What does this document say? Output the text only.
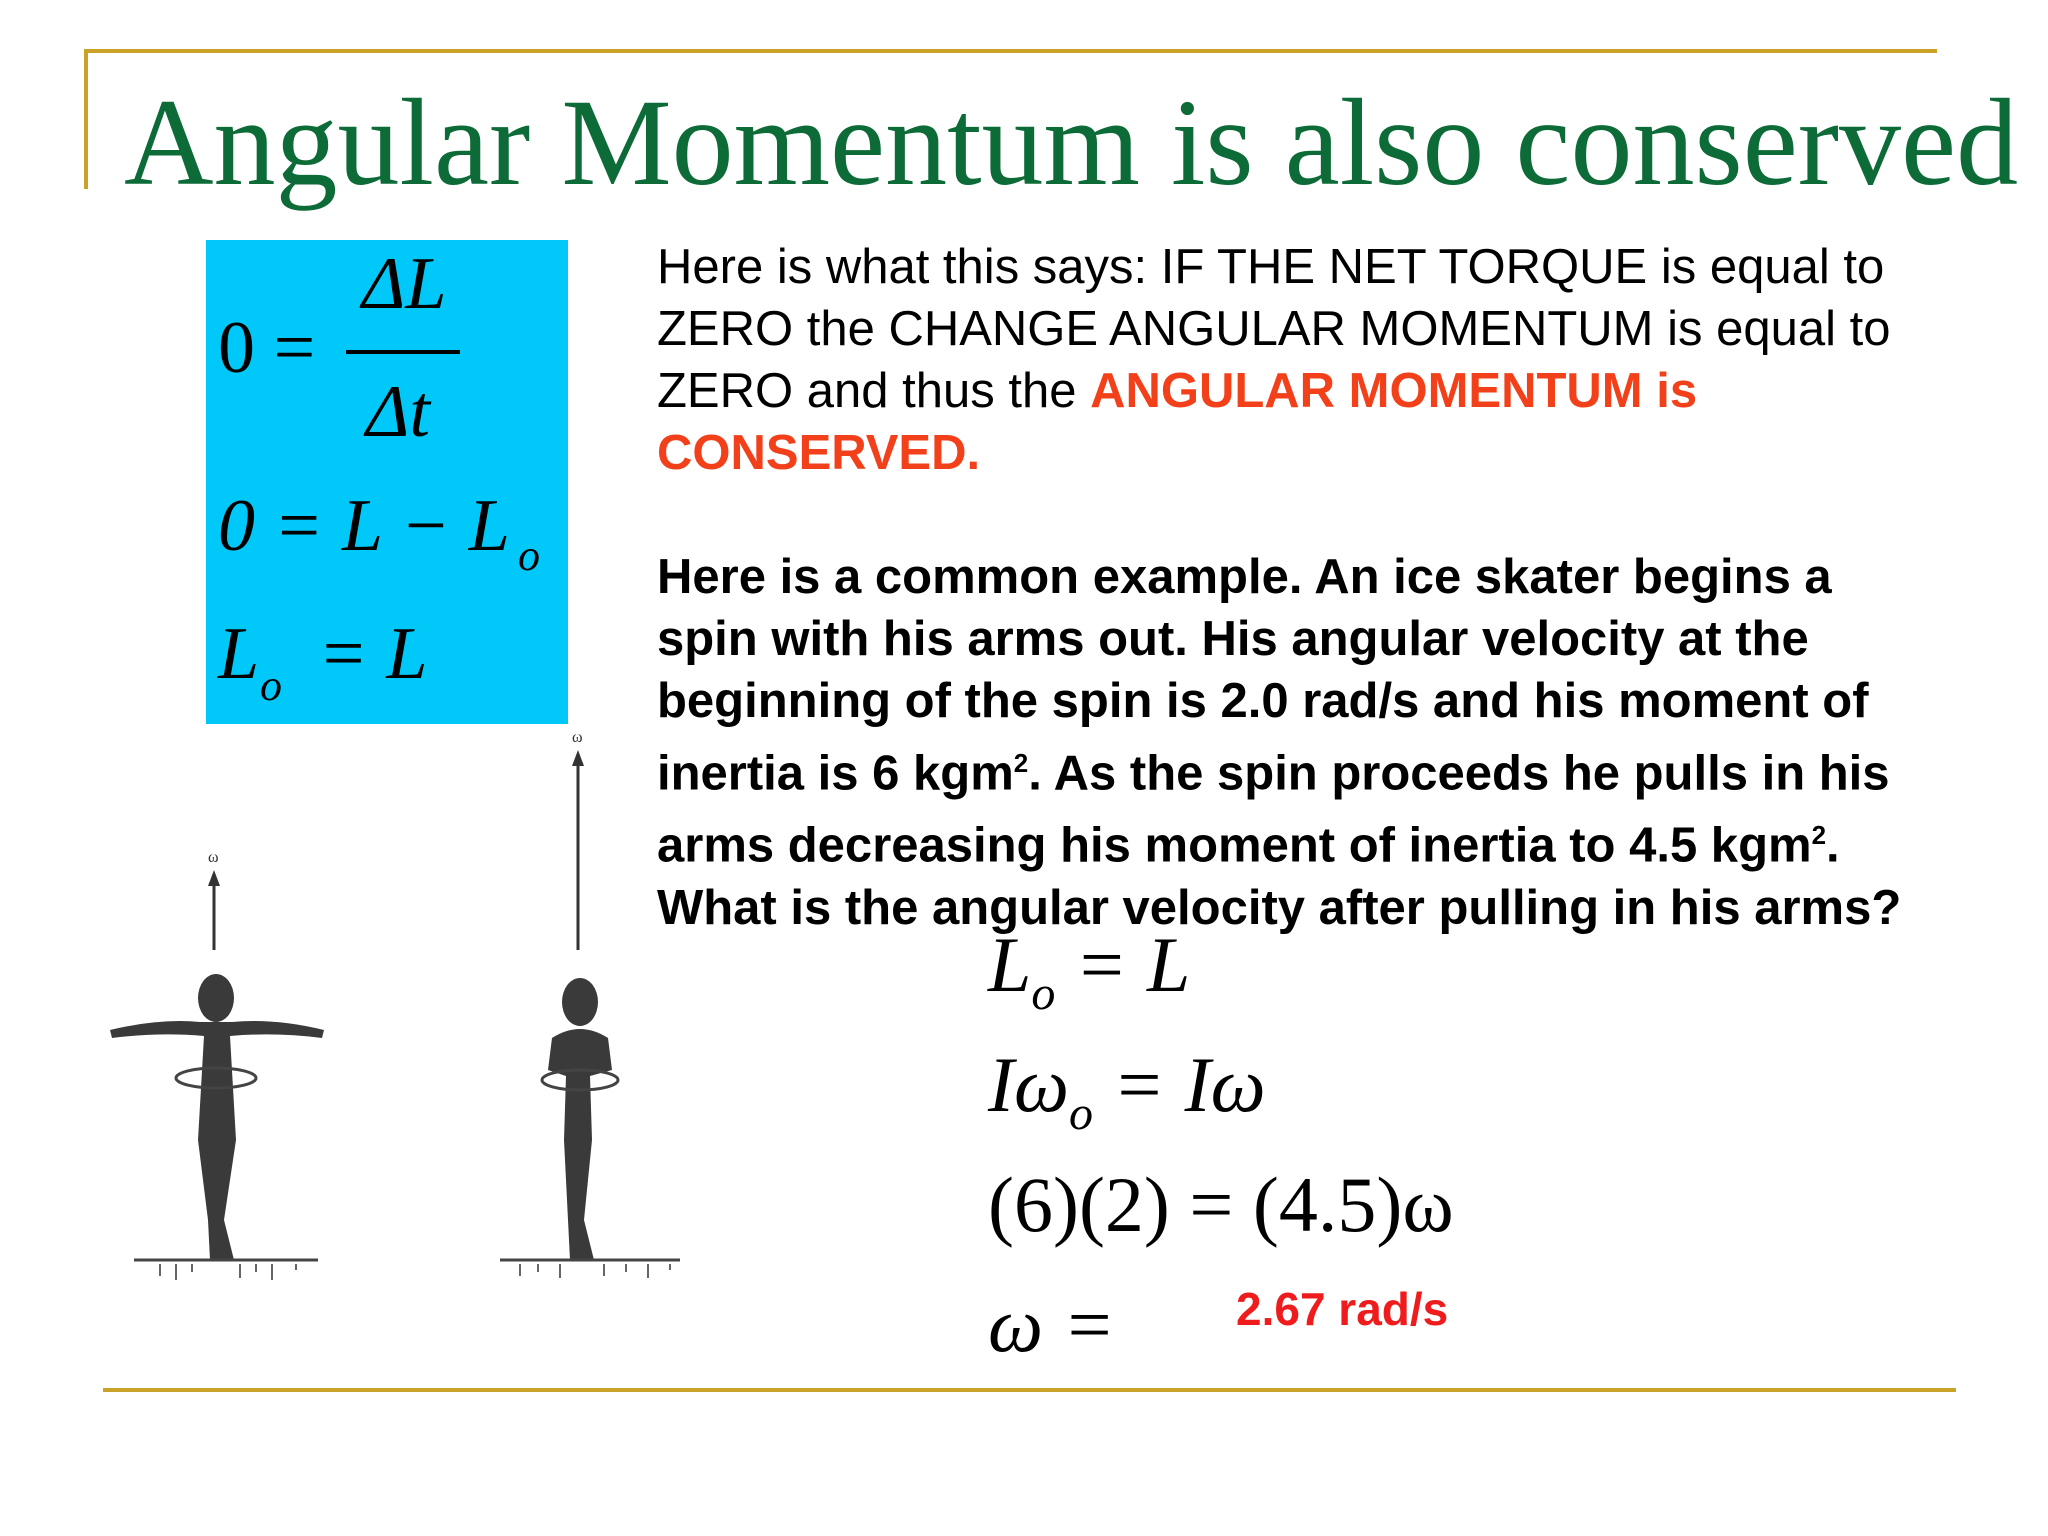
Angular Momentum is also conserved
0 =
ΔL
Δt
0 = L − L o
L o = L

Here is what this says: IF THE NET TORQUE is equal to ZERO the CHANGE ANGULAR MOMENTUM is equal to ZERO and thus the ANGULAR MOMENTUM is CONSERVED.

Here is a common example. An ice skater begins a spin with his arms out. His angular velocity at the beginning of the spin is 2.0 rad/s and his moment of inertia is 6 kgm$^2$. As the spin proceeds he pulls in his arms decreasing his moment of inertia to 4.5 kgm$^2$. What is the angular velocity after pulling in his arms?

$L_o = L$
$I\omega_o = I\omega$
(6)(2) = (4.5)ω
ω =	2.67 rad/s
ω
ω
